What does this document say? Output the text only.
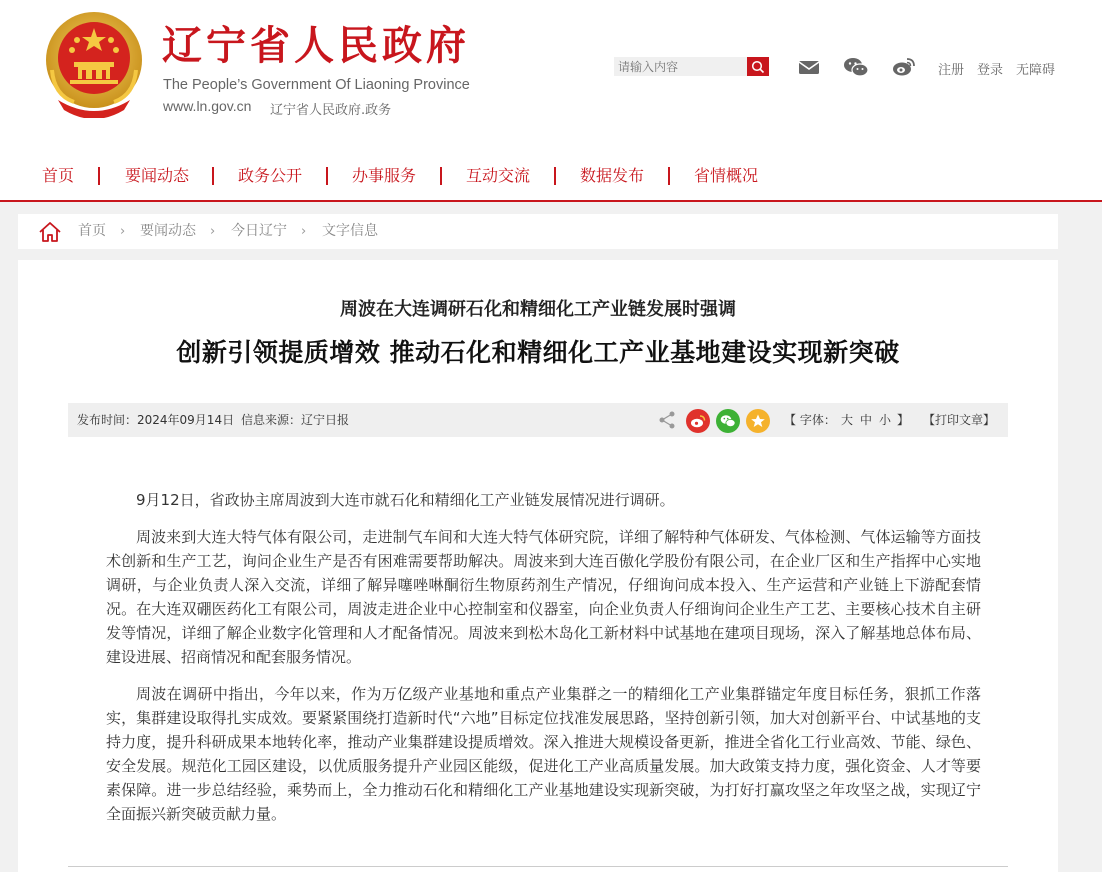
辽宁省人民政府
The People’s Government Of Liaoning Province
www.ln.gov.cn 辽宁省人民政府.政务
请输入内容
注册 登录 无障碍
首页	要闻动态	政务公开	办事服务	互动交流	数据发布	省情概况
首页 › 要闻动态 › 今日辽宁 › 文字信息
周波在大连调研石化和精细化工产业链发展时强调
创新引领提质增效 推动石化和精细化工产业基地建设实现新突破
发布时间：2024年09月14日 信息来源：辽宁日报	【 字体： 大 中 小 】 【打印文章】

9月12日，省政协主席周波到大连市就石化和精细化工产业链发展情况进行调研。

周波来到大连大特气体有限公司，走进制气车间和大连大特气体研究院，详细了解特种气体研发、气体检测、气体运输等方面技术创新和生产工艺，询问企业生产是否有困难需要帮助解决。周波来到大连百傲化学股份有限公司，在企业厂区和生产指挥中心实地调研，与企业负责人深入交流，详细了解异噻唑啉酮衍生物原药剂生产情况，仔细询问成本投入、生产运营和产业链上下游配套情况。在大连双硼医药化工有限公司，周波走进企业中心控制室和仪器室，向企业负责人仔细询问企业生产工艺、主要核心技术自主研发等情况，详细了解企业数字化管理和人才配备情况。周波来到松木岛化工新材料中试基地在建项目现场，深入了解基地总体布局、建设进展、招商情况和配套服务情况。

周波在调研中指出，今年以来，作为万亿级产业基地和重点产业集群之一的精细化工产业集群锚定年度目标任务，狠抓工作落实，集群建设取得扎实成效。要紧紧围绕打造新时代“六地”目标定位找准发展思路，坚持创新引领，加大对创新平台、中试基地的支持力度，提升科研成果本地转化率，推动产业集群建设提质增效。深入推进大规模设备更新，推进全省化工行业高效、节能、绿色、安全发展。规范化工园区建设，以优质服务提升产业园区能级，促进化工产业高质量发展。加大政策支持力度，强化资金、人才等要素保障。进一步总结经验，乘势而上，全力推动石化和精细化工产业基地建设实现新突破，为打好打赢攻坚之年攻坚之战，实现辽宁全面振兴新突破贡献力量。
